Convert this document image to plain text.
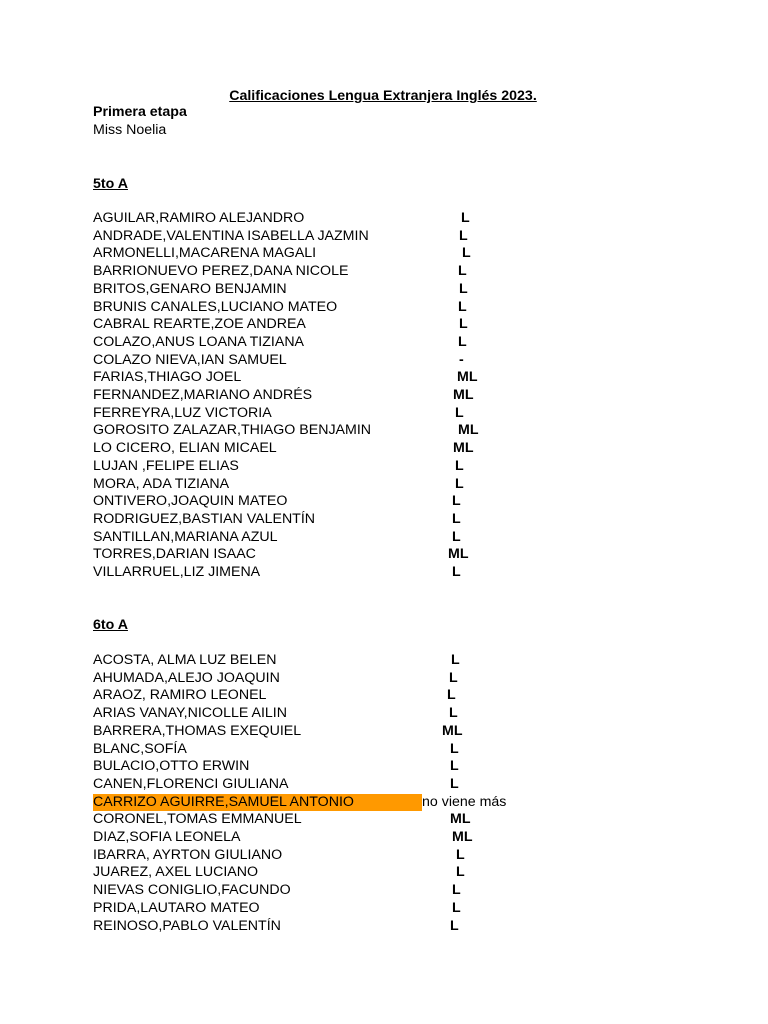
Calificaciones Lengua Extranjera Inglés 2023.
Primera etapa
Miss Noelia
5to A
AGUILAR,RAMIRO ALEJANDRO	L
ANDRADE,VALENTINA ISABELLA JAZMIN	L
ARMONELLI,MACARENA MAGALI	L
BARRIONUEVO PEREZ,DANA NICOLE	L
BRITOS,GENARO BENJAMIN	L
BRUNIS CANALES,LUCIANO MATEO	L
CABRAL REARTE,ZOE ANDREA	L
COLAZO,ANUS LOANA TIZIANA	L
COLAZO NIEVA,IAN SAMUEL	-
FARIAS,THIAGO JOEL	ML
FERNANDEZ,MARIANO ANDRÉS	ML
FERREYRA,LUZ VICTORIA	L
GOROSITO ZALAZAR,THIAGO BENJAMIN	ML
LO CICERO, ELIAN MICAEL	ML
LUJAN ,FELIPE ELIAS	L
MORA, ADA TIZIANA	L
ONTIVERO,JOAQUIN MATEO	L
RODRIGUEZ,BASTIAN VALENTÍN	L
SANTILLAN,MARIANA AZUL	L
TORRES,DARIAN ISAAC	ML
VILLARRUEL,LIZ JIMENA	L
6to A
ACOSTA, ALMA LUZ BELEN	L
AHUMADA,ALEJO JOAQUIN	L
ARAOZ, RAMIRO LEONEL	L
ARIAS VANAY,NICOLLE AILIN	L
BARRERA,THOMAS EXEQUIEL	ML
BLANC,SOFÍA	L
BULACIO,OTTO ERWIN	L
CANEN,FLORENCI GIULIANA	L
CARRIZO AGUIRRE,SAMUEL ANTONIO	no viene más
CORONEL,TOMAS EMMANUEL	ML
DIAZ,SOFIA LEONELA	ML
IBARRA, AYRTON GIULIANO	L
JUAREZ, AXEL LUCIANO	L
NIEVAS CONIGLIO,FACUNDO	L
PRIDA,LAUTARO MATEO	L
REINOSO,PABLO VALENTÍN	L
